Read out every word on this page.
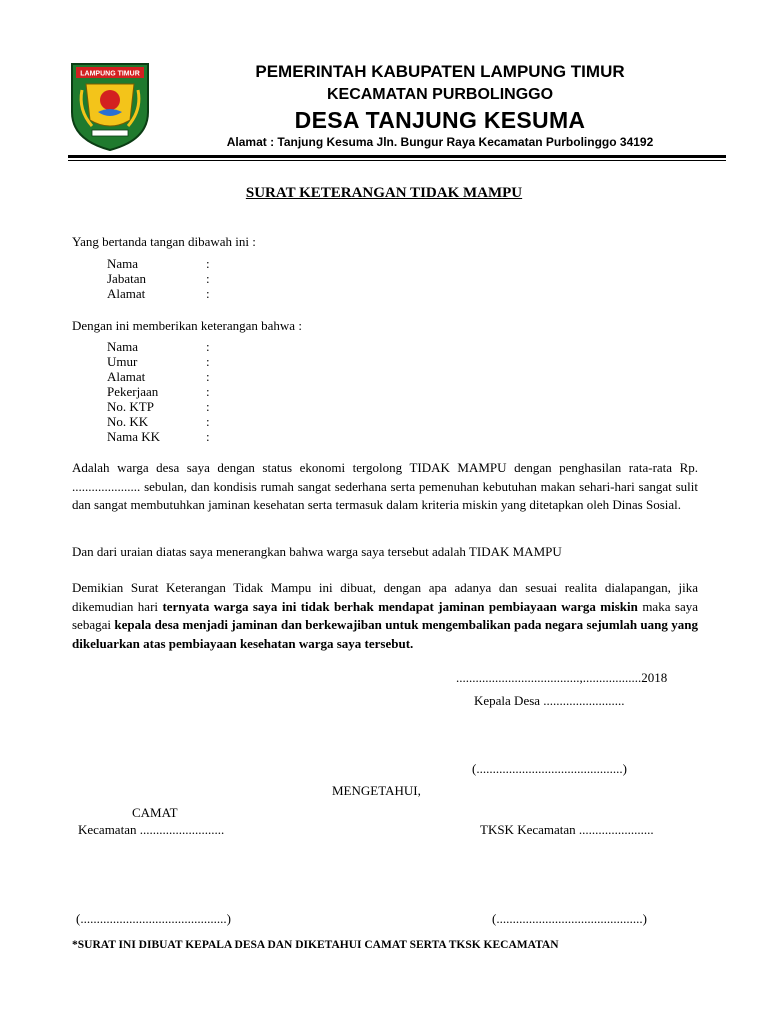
LAMPUNG TIMUR	PEMERINTAH KABUPATEN LAMPUNG TIMUR
KECAMATAN PURBOLINGGO
DESA TANJUNG KESUMA
Alamat : Tanjung Kesuma Jln. Bungur Raya Kecamatan Purbolinggo 34192
SURAT KETERANGAN TIDAK MAMPU
Yang bertanda tangan dibawah ini :
Nama	:
Jabatan	:
Alamat	:
Dengan ini memberikan keterangan bahwa :
Nama	:
Umur	:
Alamat	:
Pekerjaan	:
No. KTP	:
No. KK	:
Nama KK	:
Adalah warga desa saya dengan status ekonomi tergolong TIDAK MAMPU dengan penghasilan rata-rata Rp. ..................... sebulan, dan kondisis rumah sangat sederhana serta pemenuhan kebutuhan makan sehari-hari sangat sulit dan sangat membutuhkan jaminan kesehatan serta termasuk dalam kriteria miskin yang ditetapkan oleh Dinas Sosial.
Dan dari uraian diatas saya menerangkan bahwa warga saya tersebut adalah TIDAK MAMPU
Demikian Surat Keterangan Tidak Mampu ini dibuat, dengan apa adanya dan sesuai realita dialapangan, jika dikemudian hari ternyata warga saya ini tidak berhak mendapat jaminan pembiayaan warga miskin maka saya sebagai kepala desa menjadi jaminan dan berkewajiban untuk mengembalikan pada negara sejumlah uang yang dikeluarkan atas pembiayaan kesehatan warga saya tersebut.
......................................,..................2018
Kepala Desa .........................
(.............................................)
MENGETAHUI,
CAMAT
Kecamatan ..........................	TKSK Kecamatan .......................
(.............................................)	(.............................................)
*SURAT INI DIBUAT KEPALA DESA DAN DIKETAHUI CAMAT SERTA TKSK KECAMATAN
